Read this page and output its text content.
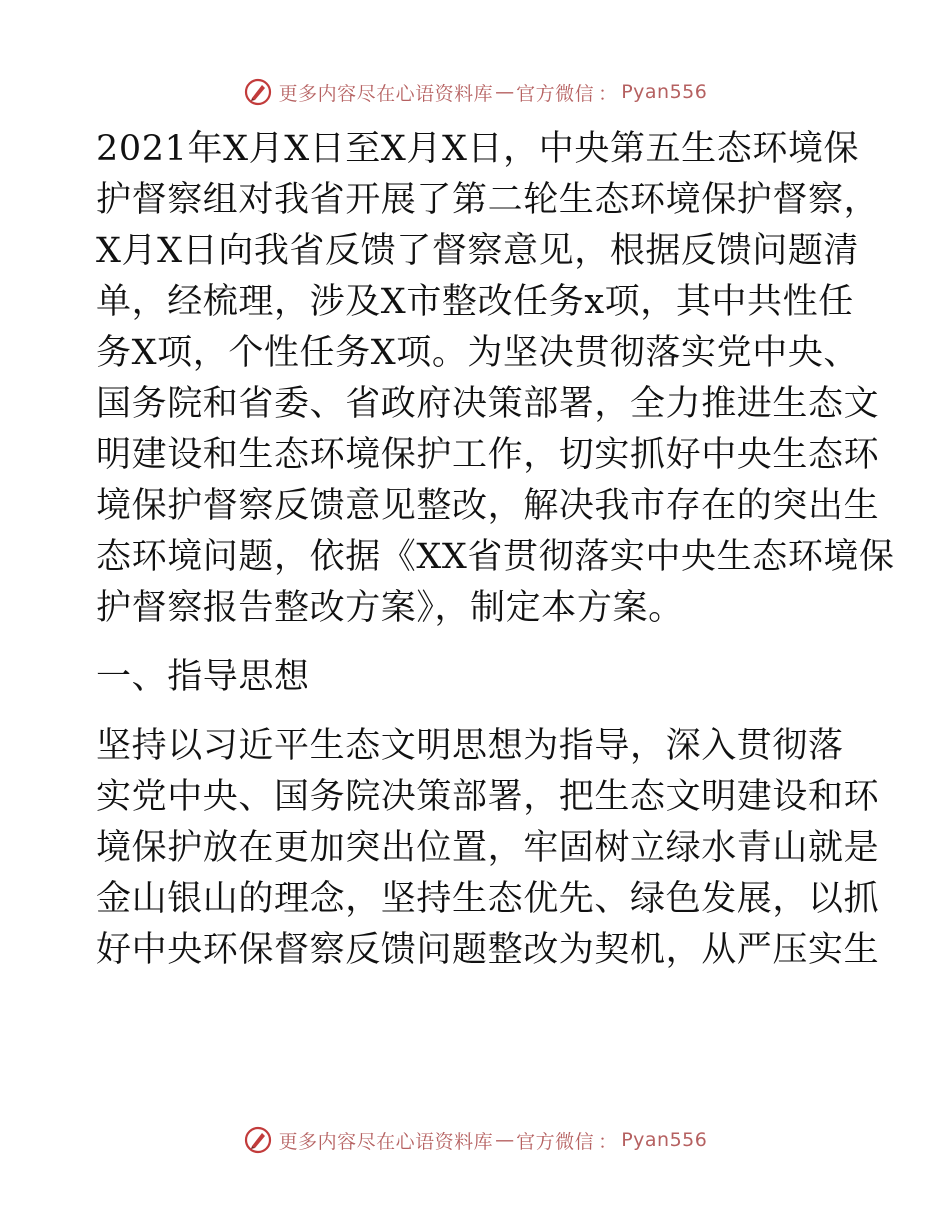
更多内容尽在心语资料库 — 官方微信 ： Pyan556
2021年X月X日至X月X日，中央第五生态环境保
护督察组对我省开展了第二轮生态环境保护督察，
X月X日向我省反馈了督察意见，根据反馈问题清
单，经梳理，涉及X市整改任务x项，其中共性任
务X项，个性任务X项。为坚决贯彻落实党中央、
国务院和省委、省政府决策部署，全力推进生态文
明建设和生态环境保护工作，切实抓好中央生态环
境保护督察反馈意见整改，解决我市存在的突出生
态环境问题，依据《XX省贯彻落实中央生态环境保
护督察报告整改方案》，制定本方案。
一、指导思想
坚持以习近平生态文明思想为指导，深入贯彻落
实党中央、国务院决策部署，把生态文明建设和环
境保护放在更加突出位置，牢固树立绿水青山就是
金山银山的理念，坚持生态优先、绿色发展，以抓
好中央环保督察反馈问题整改为契机，从严压实生
更多内容尽在心语资料库 — 官方微信 ： Pyan556
